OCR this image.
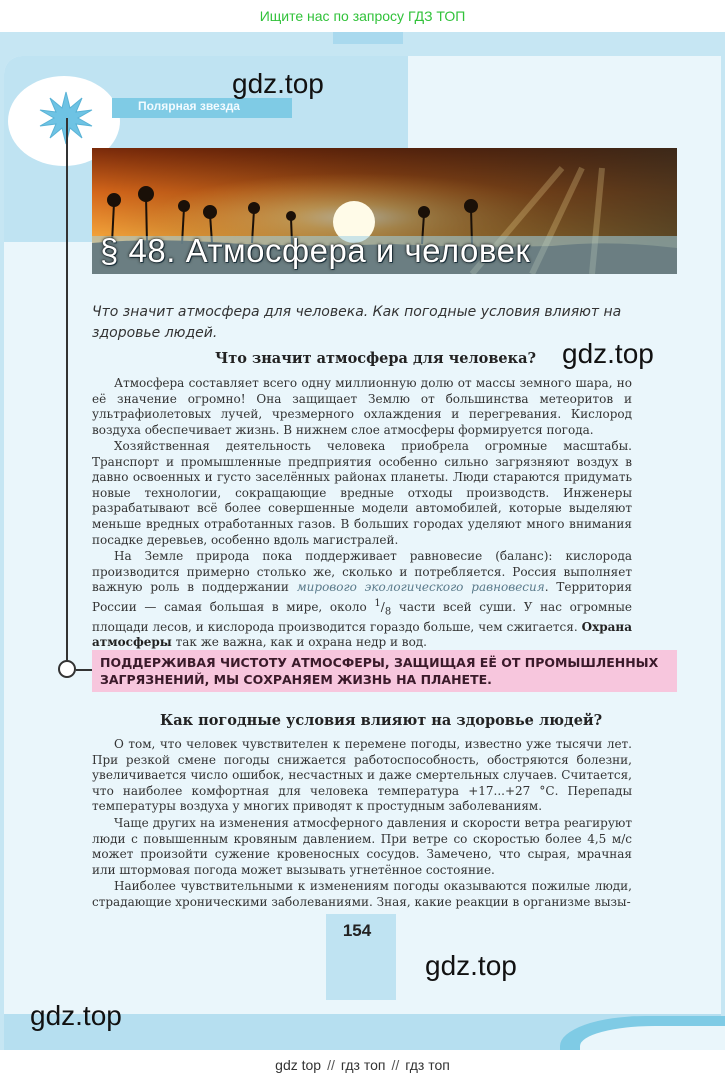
Ищите нас по запросу ГДЗ ТОП
Полярная звезда
§ 48. Атмосфера и человек
Что значит атмосфера для человека. Как погодные условия влияют на здоровье людей.
Что значит атмосфера для человека?
Атмосфера составляет всего одну миллионную долю от массы земного шара, но её значение огромно! Она защищает Землю от большинства метеоритов и ультрафиолетовых лучей, чрезмерного охлаждения и перегревания. Кислород воздуха обеспечивает жизнь. В нижнем слое атмосферы формируется погода.
Хозяйственная деятельность человека приобрела огромные масштабы. Транспорт и промышленные предприятия особенно сильно загрязняют воздух в давно освоенных и густо заселённых районах планеты. Люди стараются придумать новые технологии, сокращающие вредные отходы производств. Инженеры разрабатывают всё более совершенные модели автомобилей, которые выделяют меньше вредных отработанных газов. В больших городах уделяют много внимания посадке деревьев, особенно вдоль магистралей.
На Земле природа пока поддерживает равновесие (баланс): кислорода производится примерно столько же, сколько и потребляется. Россия выполняет важную роль в поддержании мирового экологического равновесия. Территория России — самая большая в мире, около $^1/_8$ части всей суши. У нас огромные площади лесов, и кислорода производится гораздо больше, чем сжигается. Охрана атмосферы так же важна, как и охрана недр и вод.
ПОДДЕРЖИВАЯ ЧИСТОТУ АТМОСФЕРЫ, ЗАЩИЩАЯ ЕЁ ОТ ПРОМЫШЛЕННЫХ ЗАГРЯЗНЕНИЙ, МЫ СОХРАНЯЕМ ЖИЗНЬ НА ПЛАНЕТЕ.
Как погодные условия влияют на здоровье людей?
О том, что человек чувствителен к перемене погоды, известно уже тысячи лет. При резкой смене погоды снижается работоспособность, обостряются болезни, увеличивается число ошибок, несчастных и даже смертельных случаев. Считается, что наиболее комфортная для человека температура +17...+27 °С. Перепады температуры воздуха у многих приводят к простудным заболеваниям.
Чаще других на изменения атмосферного давления и скорости ветра реагируют люди с повышенным кровяным давлением. При ветре со скоростью более 4,5 м/с может произойти сужение кровеносных сосудов. Замечено, что сырая, мрачная или штормовая погода может вызывать угнетённое состояние.
Наиболее чувствительными к изменениям погоды оказываются пожилые люди, страдающие хроническими заболеваниями. Зная, какие реакции в организме вызы-
154
gdz.top
gdz.top
gdz.top
gdz.top
gdz top // гдз топ // гдз топ
